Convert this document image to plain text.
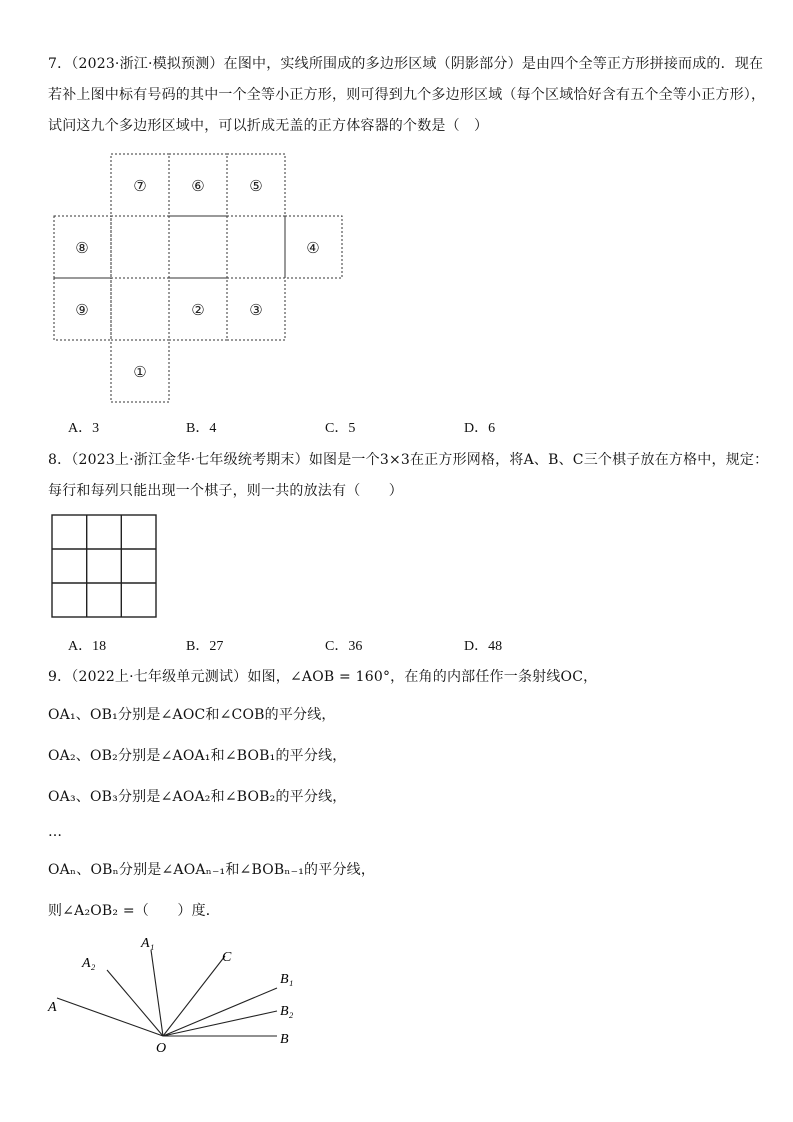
7．（2023·浙江·模拟预测）在图中，实线所围成的多边形区域（阴影部分）是由四个全等正方形拼接而成的．现在
若补上图中标有号码的其中一个全等小正方形，则可得到九个多边形区域（每个区域恰好含有五个全等小正方形），
试问这九个多边形区域中，可以折成无盖的正方体容器的个数是（　）
⑦	⑥	⑤
⑧	④
⑨	②	③
①
A．3	B．4	C．5	D．6
8．（2023上·浙江金华·七年级统考期末）如图是一个3×3在正方形网格，将A、B、C三个棋子放在方格中，规定：
每行和每列只能出现一个棋子，则一共的放法有（　　）
A．18	B．27	C．36	D．48
9．（2022上·七年级单元测试）如图，∠AOB = 160°，在角的内部任作一条射线OC，
OA₁、OB₁分别是∠AOC和∠COB的平分线，
OA₂、OB₂分别是∠AOA₁和∠BOB₁的平分线，
OA₃、OB₃分别是∠AOA₂和∠BOB₂的平分线，
…
OAₙ、OBₙ分别是∠AOAₙ₋₁和∠BOBₙ₋₁的平分线，
则∠A₂OB₂ =（　　）度．
A
A₂
A₁
C
B₁
B₂
B
O
